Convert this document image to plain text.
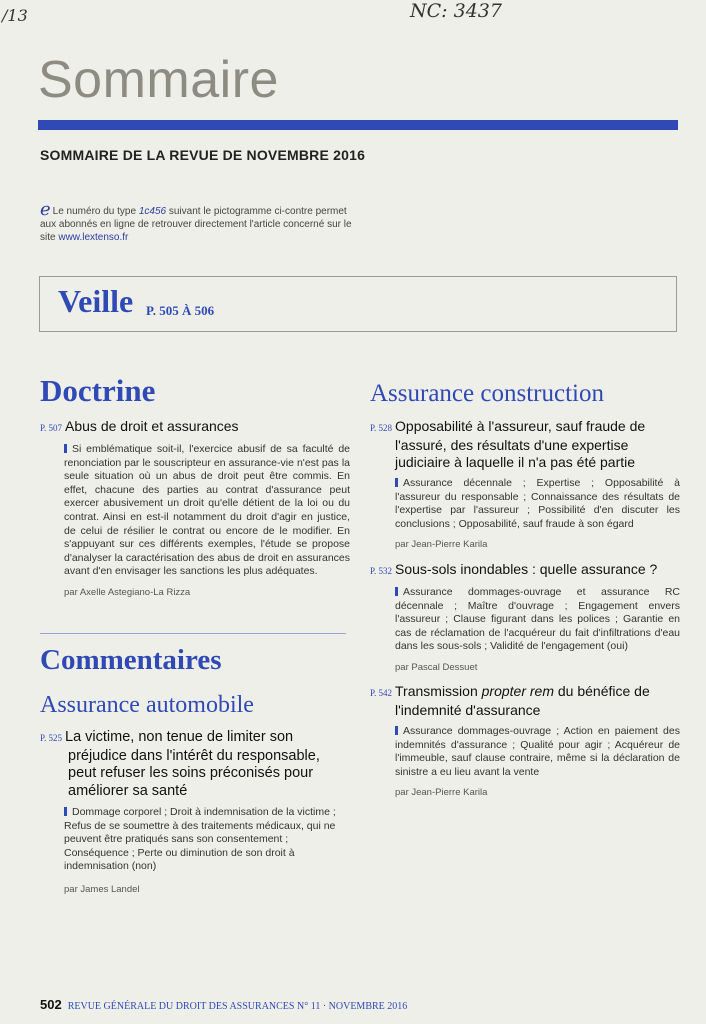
/13	NC: 3437
Sommaire
SOMMAIRE DE LA REVUE DE NOVEMBRE 2016
e Le numéro du type 1c456 suivant le pictogramme ci-contre permet aux abonnés en ligne de retrouver directement l'article concerné sur le site www.lextenso.fr
Veille P. 505 À 506
Doctrine
P. 507 Abus de droit et assurances
Si emblématique soit-il, l'exercice abusif de sa faculté de renonciation par le souscripteur en assurance-vie n'est pas la seule situation où un abus de droit peut être commis. En effet, chacune des parties au contrat d'assurance peut exercer abusivement un droit qu'elle détient de la loi ou du contrat. Ainsi en est-il notamment du droit d'agir en justice, de celui de résilier le contrat ou encore de le modifier. En s'appuyant sur ces différents exemples, l'étude se propose d'analyser la caractérisation des abus de droit en assurances avant d'en envisager les sanctions les plus adéquates.
par Axelle Astegiano-La Rizza
Commentaires
Assurance automobile
P. 525 La victime, non tenue de limiter son préjudice dans l'intérêt du responsable, peut refuser les soins préconisés pour améliorer sa santé
Dommage corporel ; Droit à indemnisation de la victime ; Refus de se soumettre à des traitements médicaux, qui ne peuvent être pratiqués sans son consentement ; Conséquence ; Perte ou diminution de son droit à indemnisation (non)
par James Landel
Assurance construction
P. 528 Opposabilité à l'assureur, sauf fraude de l'assuré, des résultats d'une expertise judiciaire à laquelle il n'a pas été partie
Assurance décennale ; Expertise ; Opposabilité à l'assureur du responsable ; Connaissance des résultats de l'expertise par l'assureur ; Possibilité d'en discuter les conclusions ; Opposabilité, sauf fraude à son égard
par Jean-Pierre Karila
P. 532 Sous-sols inondables : quelle assurance ?
Assurance dommages-ouvrage et assurance RC décennale ; Maître d'ouvrage ; Engagement envers l'assureur ; Clause figurant dans les polices ; Garantie en cas de réclamation de l'acquéreur du fait d'infiltrations d'eau dans les sous-sols ; Validité de l'engagement (oui)
par Pascal Dessuet
P. 542 Transmission propter rem du bénéfice de l'indemnité d'assurance
Assurance dommages-ouvrage ; Action en paiement des indemnités d'assurance ; Qualité pour agir ; Acquéreur de l'immeuble, sauf clause contraire, même si la déclaration de sinistre a eu lieu avant la vente
par Jean-Pierre Karila
502 REVUE GÉNÉRALE DU DROIT DES ASSURANCES N° 11 · NOVEMBRE 2016
